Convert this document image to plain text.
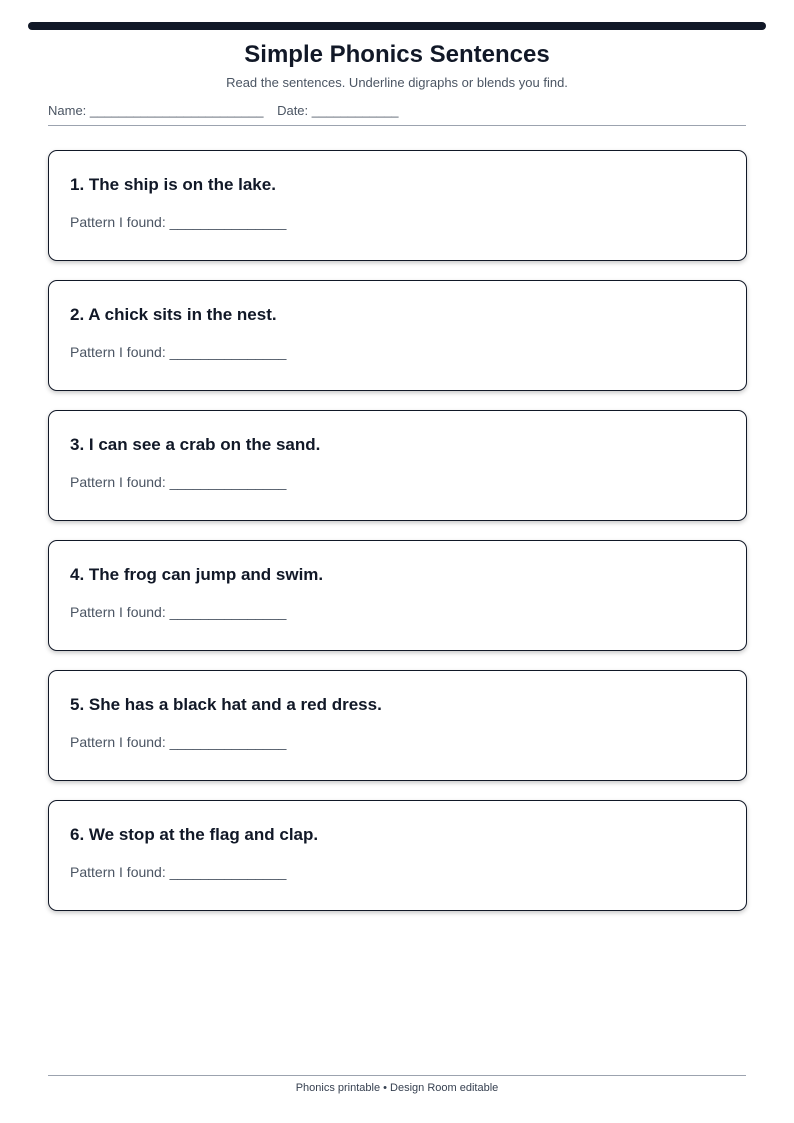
Simple Phonics Sentences
Read the sentences. Underline digraphs or blends you find.
Name: ________________________ Date: ____________
1. The ship is on the lake.
Pattern I found: _______________
2. A chick sits in the nest.
Pattern I found: _______________
3. I can see a crab on the sand.
Pattern I found: _______________
4. The frog can jump and swim.
Pattern I found: _______________
5. She has a black hat and a red dress.
Pattern I found: _______________
6. We stop at the flag and clap.
Pattern I found: _______________
Phonics printable • Design Room editable
